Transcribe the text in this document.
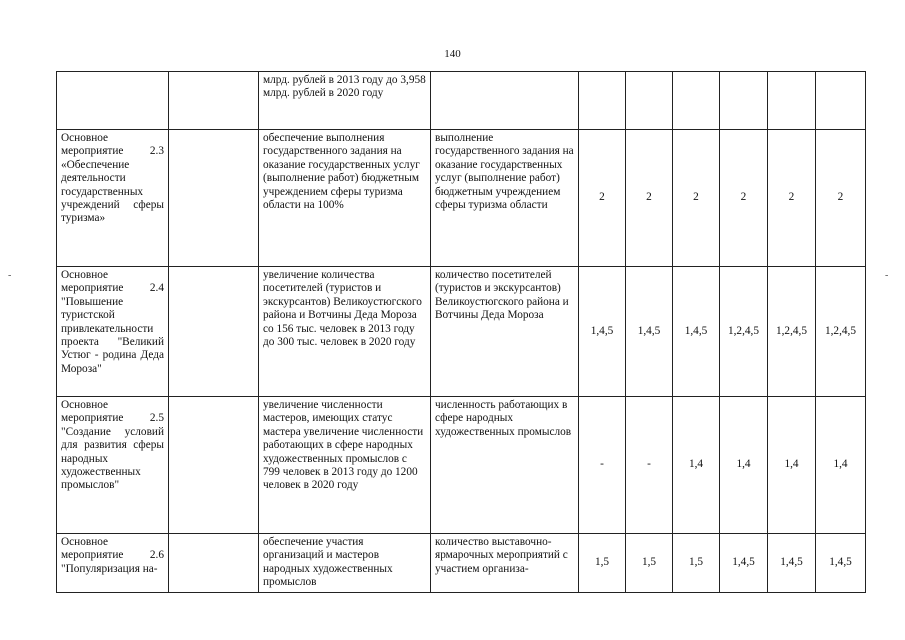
140
-	-
		млрд. рублей в 2013 году до 3,958 млрд. рублей в 2020 году							
Основное мероприятие 2.3 «Обеспечение деятельности государственных учреждений сферы туризма»		обеспечение выполнения государственного задания на оказание государственных услуг (выполнение работ) бюджетным учреждением сферы туризма области на 100%	выполнение государственного задания на оказание государственных услуг (выполнение работ) бюджетным учреждением сферы туризма области	2	2	2	2	2	2
Основное мероприятие 2.4 "Повышение туристской привлекательности проекта "Великий Устюг - родина Деда Мороза"		увеличение количества посетителей (туристов и экскурсантов) Великоустюгского района и Вотчины Деда Мороза со 156 тыс. человек в 2013 году до 300 тыс. человек в 2020 году	количество посетителей (туристов и экскурсантов) Великоустюгского района и Вотчины Деда Мороза	1,4,5	1,4,5	1,4,5	1,2,4,5	1,2,4,5	1,2,4,5
Основное мероприятие 2.5 "Создание условий для развития сферы народных художественных промыслов"		увеличение численности мастеров, имеющих статус мастера увеличение численности работающих в сфере народных художественных промыслов с 799 человек в 2013 году до 1200 человек в 2020 году	численность работающих в сфере народных художественных промыслов	-	-	1,4	1,4	1,4	1,4
Основное мероприятие 2.6 "Популяризация на-		обеспечение участия организаций и мастеров народных художественных промыслов	количество выставочно-ярмарочных мероприятий с участием организа-	1,5	1,5	1,5	1,4,5	1,4,5	1,4,5
